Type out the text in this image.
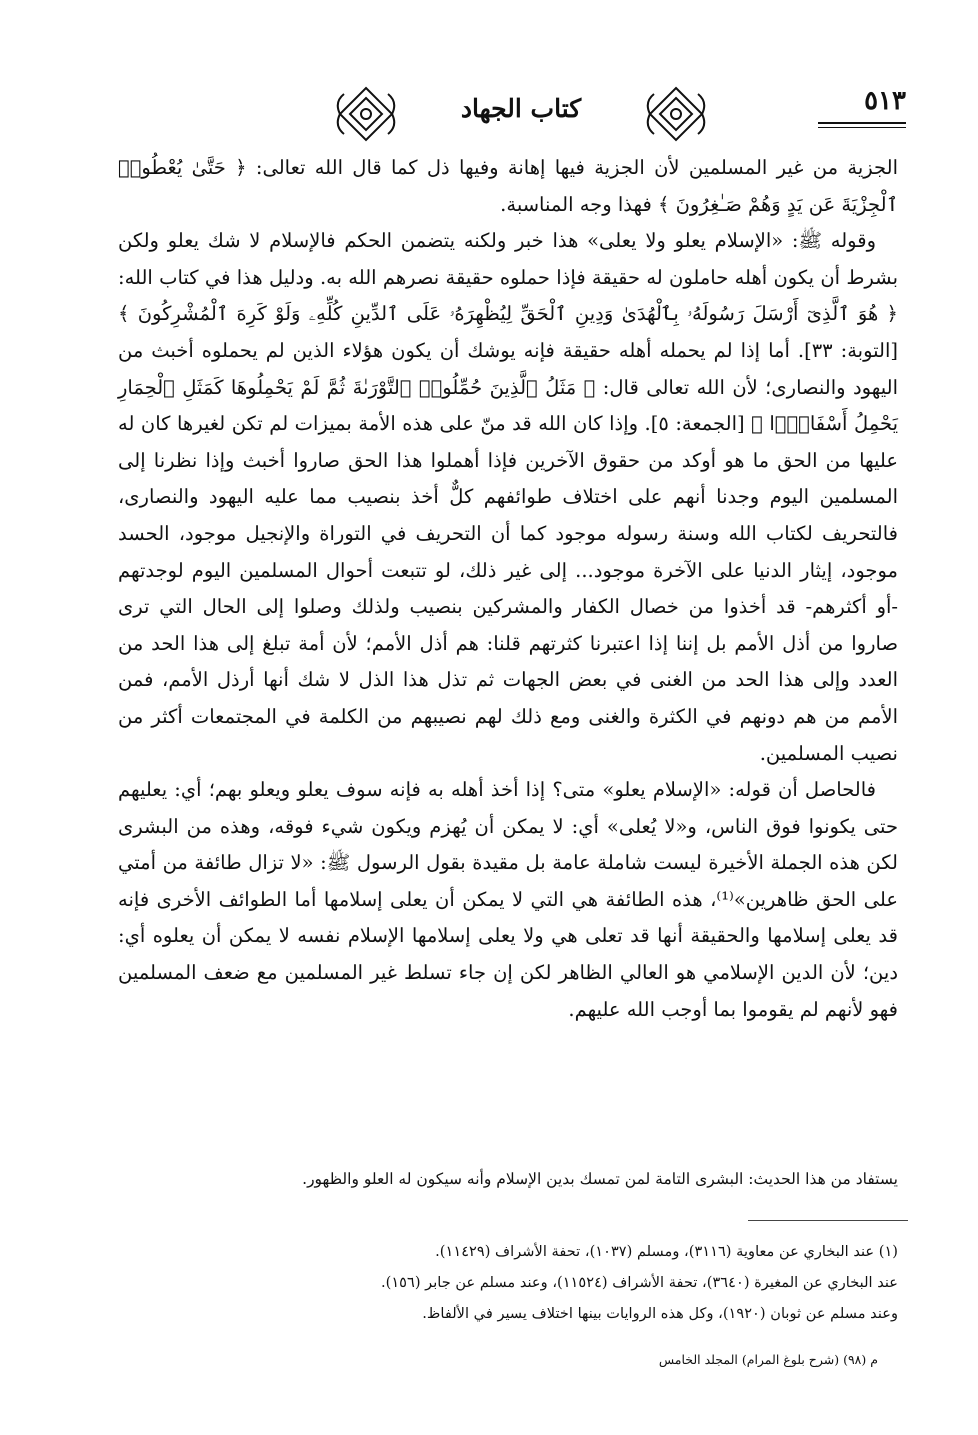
٥١٣
كتاب الجهاد

الجزية من غير المسلمين لأن الجزية فيها إهانة وفيها ذل كما قال الله تعالى: ﴿ حَتَّىٰ يُعْطُوا۟ ٱلْجِزْيَةَ عَن يَدٍ وَهُمْ صَـٰغِرُونَ ﴾ فهذا وجه المناسبة.

وقوله ﷺ: «الإسلام يعلو ولا يعلى» هذا خبر ولكنه يتضمن الحكم فالإسلام لا شك يعلو ولكن بشرط أن يكون أهله حاملون له حقيقة فإذا حملوه حقيقة نصرهم الله به. ودليل هذا في كتاب الله: ﴿ هُوَ ٱلَّذِىٓ أَرْسَلَ رَسُولَهُۥ بِٱلْهُدَىٰ وَدِينِ ٱلْحَقِّ لِيُظْهِرَهُۥ عَلَى ٱلدِّينِ كُلِّهِۦ وَلَوْ كَرِهَ ٱلْمُشْرِكُونَ ﴾ [التوبة: ٣٣]. أما إذا لم يحمله أهله حقيقة فإنه يوشك أن يكون هؤلاء الذين لم يحملوه أخبث من اليهود والنصارى؛ لأن الله تعالى قال: ﴿ مَثَلُ ٱلَّذِينَ حُمِّلُوا۟ ٱلتَّوْرَىٰةَ ثُمَّ لَمْ يَحْمِلُوهَا كَمَثَلِ ٱلْحِمَارِ يَحْمِلُ أَسْفَارًۢا ﴾ [الجمعة: ٥]. وإذا كان الله قد منّ على هذه الأمة بميزات لم تكن لغيرها كان له عليها من الحق ما هو أوكد من حقوق الآخرين فإذا أهملوا هذا الحق صاروا أخبث وإذا نظرنا إلى المسلمين اليوم وجدنا أنهم على اختلاف طوائفهم كلٌّ أخذ بنصيب مما عليه اليهود والنصارى، فالتحريف لكتاب الله وسنة رسوله موجود كما أن التحريف في التوراة والإنجيل موجود، الحسد موجود، إيثار الدنيا على الآخرة موجود... إلى غير ذلك، لو تتبعت أحوال المسلمين اليوم لوجدتهم -أو أكثرهم- قد أخذوا من خصال الكفار والمشركين بنصيب ولذلك وصلوا إلى الحال التي ترى صاروا من أذل الأمم بل إننا إذا اعتبرنا كثرتهم قلنا: هم أذل الأمم؛ لأن أمة تبلغ إلى هذا الحد من العدد وإلى هذا الحد من الغنى في بعض الجهات ثم تذل هذا الذل لا شك أنها أرذل الأمم، فمن الأمم من هم دونهم في الكثرة والغنى ومع ذلك لهم نصيبهم من الكلمة في المجتمعات أكثر من نصيب المسلمين.

فالحاصل أن قوله: «الإسلام يعلو» متى؟ إذا أخذ أهله به فإنه سوف يعلو ويعلو بهم؛ أي: يعليهم حتى يكونوا فوق الناس، و«لا يُعلى» أي: لا يمكن أن يُهزم ويكون شيء فوقه، وهذه من البشرى لكن هذه الجملة الأخيرة ليست شاملة عامة بل مقيدة بقول الرسول ﷺ: «لا تزال طائفة من أمتي على الحق ظاهرين»⁽¹⁾، هذه الطائفة هي التي لا يمكن أن يعلى إسلامها أما الطوائف الأخرى فإنه قد يعلى إسلامها والحقيقة أنها قد تعلى هي ولا يعلى إسلامها الإسلام نفسه لا يمكن أن يعلوه أي: دين؛ لأن الدين الإسلامي هو العالي الظاهر لكن إن جاء تسلط غير المسلمين مع ضعف المسلمين فهو لأنهم لم يقوموا بما أوجب الله عليهم.

يستفاد من هذا الحديث: البشرى التامة لمن تمسك بدين الإسلام وأنه سيكون له العلو والظهور.

(١) عند البخاري عن معاوية (٣١١٦)، ومسلم (١٠٣٧)، تحفة الأشراف (١١٤٢٩).

عند البخاري عن المغيرة (٣٦٤٠)، تحفة الأشراف (١١٥٢٤)، وعند مسلم عن جابر (١٥٦).

وعند مسلم عن ثوبان (١٩٢٠)، وكل هذه الروايات بينها اختلاف يسير في الألفاظ.

م (٩٨) (شرح بلوغ المرام) المجلد الخامس
